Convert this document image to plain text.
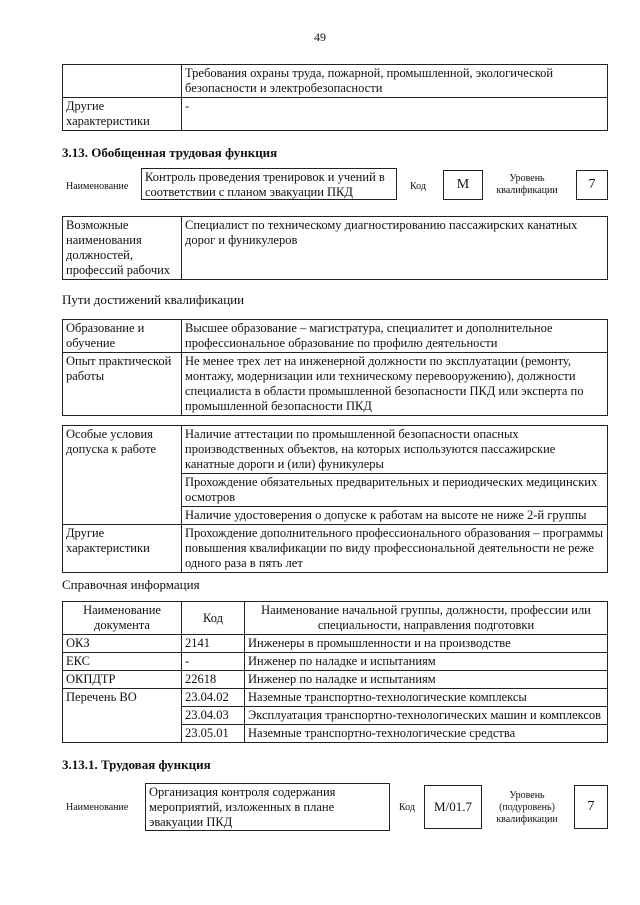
49
	Требования охраны труда, пожарной, промышленной, экологической безопасности и электробезопасности
Другие характеристики	-
3.13. Обобщенная трудовая функция
Наименование
Контроль проведения тренировок и учений в соответствии с планом эвакуации ПКД	Код	M	Уровень квалификации	7
Возможные наименования должностей, профессий рабочих	Специалист по техническому диагностированию пассажирских канатных дорог и фуникулеров
Пути достижений квалификации
Образование и обучение	Высшее образование – магистратура, специалитет и дополнительное профессиональное образование по профилю деятельности
Опыт практической работы	Не менее трех лет на инженерной должности по эксплуатации (ремонту, монтажу, модернизации или техническому перевооружению), должности специалиста в области промышленной безопасности ПКД или эксперта по промышленной безопасности ПКД
Особые условия допуска к работе	Наличие аттестации по промышленной безопасности опасных производственных объектов, на которых используются пассажирские канатные дороги и (или) фуникулеры
Прохождение обязательных предварительных и периодических медицинских осмотров
Наличие удостоверения о допуске к работам на высоте не ниже 2-й группы

Другие характеристики	Прохождение дополнительного профессионального образования – программы повышения квалификации по виду профессиональной деятельности не реже одного раза в пять лет
Справочная информация
Наименование документа	Код	Наименование начальной группы, должности, профессии или специальности, направления подготовки
ОКЗ	2141	Инженеры в промышленности и на производстве
ЕКС	-	Инженер по наладке и испытаниям
ОКПДТР	22618	Инженер по наладке и испытаниям
Перечень ВО	23.04.02	Наземные транспортно-технологические комплексы
	23.04.03	Эксплуатация транспортно-технологических машин и комплексов
	23.05.01	Наземные транспортно-технологические средства
3.13.1. Трудовая функция
Наименование
Организация контроля содержания мероприятий, изложенных в плане эвакуации ПКД
Код	M/01.7
Уровень (подуровень) квалификации
7
